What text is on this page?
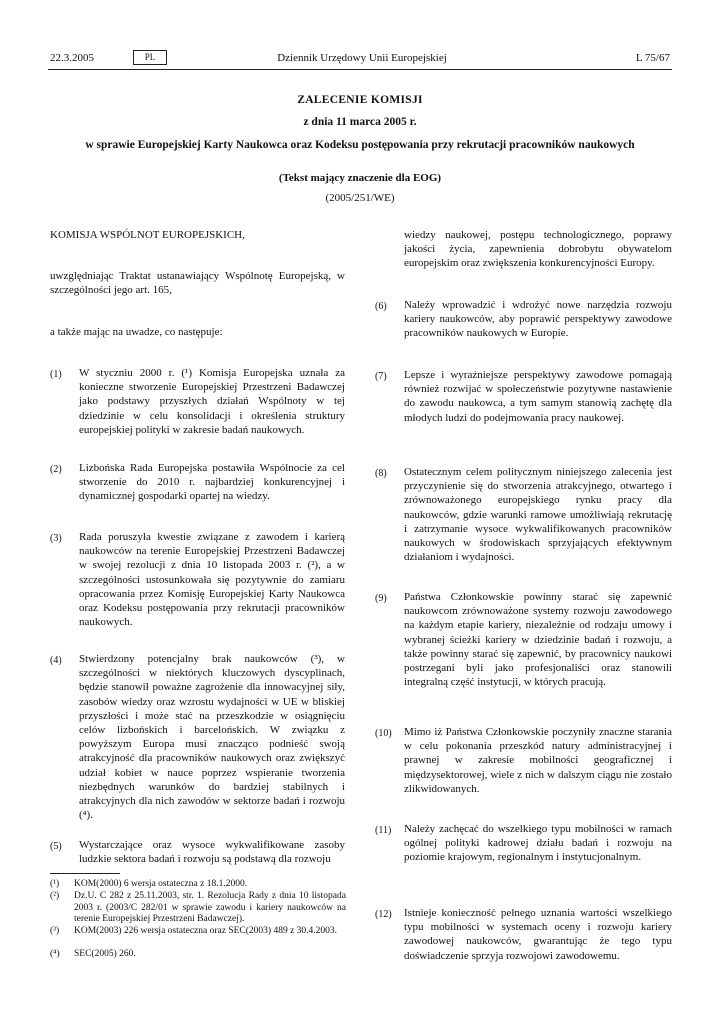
22.3.2005	PL	Dziennik Urzędowy Unii Europejskiej	L 75/67
ZALECENIE KOMISJI
z dnia 11 marca 2005 r.
w sprawie Europejskiej Karty Naukowca oraz Kodeksu postępowania przy rekrutacji pracowników naukowych
(Tekst mający znaczenie dla EOG)
(2005/251/WE)
KOMISJA WSPÓLNOT EUROPEJSKICH,
uwzględniając Traktat ustanawiający Wspólnotę Europejską, w szczególności jego art. 165,
a także mając na uwadze, co następuje:
(1) W styczniu 2000 r. (¹) Komisja Europejska uznała za konieczne stworzenie Europejskiej Przestrzeni Badawczej jako podstawy przyszłych działań Wspólnoty w tej dziedzinie w celu konsolidacji i określenia struktury europejskiej polityki w zakresie badań naukowych.
(2) Lizbońska Rada Europejska postawiła Wspólnocie za cel stworzenie do 2010 r. najbardziej konkurencyjnej i dynamicznej gospodarki opartej na wiedzy.
(3) Rada poruszyła kwestie związane z zawodem i karierą naukowców na terenie Europejskiej Przestrzeni Badawczej w swojej rezolucji z dnia 10 listopada 2003 r. (²), a w szczególności ustosunkowała się pozytywnie do zamiaru opracowania przez Komisję Europejskiej Karty Naukowca oraz Kodeksu postępowania przy rekrutacji pracowników naukowych.
(4) Stwierdzony potencjalny brak naukowców (³), w szczególności w niektórych kluczowych dyscyplinach, będzie stanowił poważne zagrożenie dla innowacyjnej siły, zasobów wiedzy oraz wzrostu wydajności w UE w bliskiej przyszłości i może stać na przeszkodzie w osiągnięciu celów lizbońskich i barcelońskich. W związku z powyższym Europa musi znacząco podnieść swoją atrakcyjność dla pracowników naukowych oraz zwiększyć udział kobiet w nauce poprzez wspieranie tworzenia niezbędnych warunków do bardziej stabilnych i atrakcyjnych dla nich zawodów w sektorze badań i rozwoju (⁴).
(5) Wystarczające oraz wysoce wykwalifikowane zasoby ludzkie sektora badań i rozwoju są podstawą dla rozwoju
(¹) KOM(2000) 6 wersja ostateczna z 18.1.2000.
(²) Dz.U. C 282 z 25.11.2003, str. 1. Rezolucja Rady z dnia 10 listopada 2003 r. (2003/C 282/01 w sprawie zawodu i kariery naukowców na terenie Europejskiej Przestrzeni Badawczej).
(³) KOM(2003) 226 wersja ostateczna oraz SEC(2003) 489 z 30.4.2003.
(⁴) SEC(2005) 260.
wiedzy naukowej, postępu technologicznego, poprawy jakości życia, zapewnienia dobrobytu obywatelom europejskim oraz zwiększenia konkurencyjności Europy.
(6) Należy wprowadzić i wdrożyć nowe narzędzia rozwoju kariery naukowców, aby poprawić perspektywy zawodowe pracowników naukowych w Europie.
(7) Lepsze i wyraźniejsze perspektywy zawodowe pomagają również rozwijać w społeczeństwie pozytywne nastawienie do zawodu naukowca, a tym samym stanowią zachętę dla młodych ludzi do podejmowania pracy naukowej.
(8) Ostatecznym celem politycznym niniejszego zalecenia jest przyczynienie się do stworzenia atrakcyjnego, otwartego i zrównoważonego europejskiego rynku pracy dla naukowców, gdzie warunki ramowe umożliwiają rekrutację i zatrzymanie wysoce wykwalifikowanych pracowników naukowych w środowiskach sprzyjających efektywnym działaniom i wydajności.
(9) Państwa Członkowskie powinny starać się zapewnić naukowcom zrównoważone systemy rozwoju zawodowego na każdym etapie kariery, niezależnie od rodzaju umowy i wybranej ścieżki kariery w dziedzinie badań i rozwoju, a także powinny starać się zapewnić, by pracownicy naukowi postrzegani byli jako profesjonaliści oraz stanowili integralną część instytucji, w których pracują.
(10) Mimo iż Państwa Członkowskie poczyniły znaczne starania w celu pokonania przeszkód natury administracyjnej i prawnej w zakresie mobilności geograficznej i międzysektorowej, wiele z nich w dalszym ciągu nie zostało zlikwidowanych.
(11) Należy zachęcać do wszelkiego typu mobilności w ramach ogólnej polityki kadrowej działu badań i rozwoju na poziomie krajowym, regionalnym i instytucjonalnym.
(12) Istnieje konieczność pełnego uznania wartości wszelkiego typu mobilności w systemach oceny i rozwoju kariery zawodowej naukowców, gwarantując że tego typu doświadczenie sprzyja rozwojowi zawodowemu.
